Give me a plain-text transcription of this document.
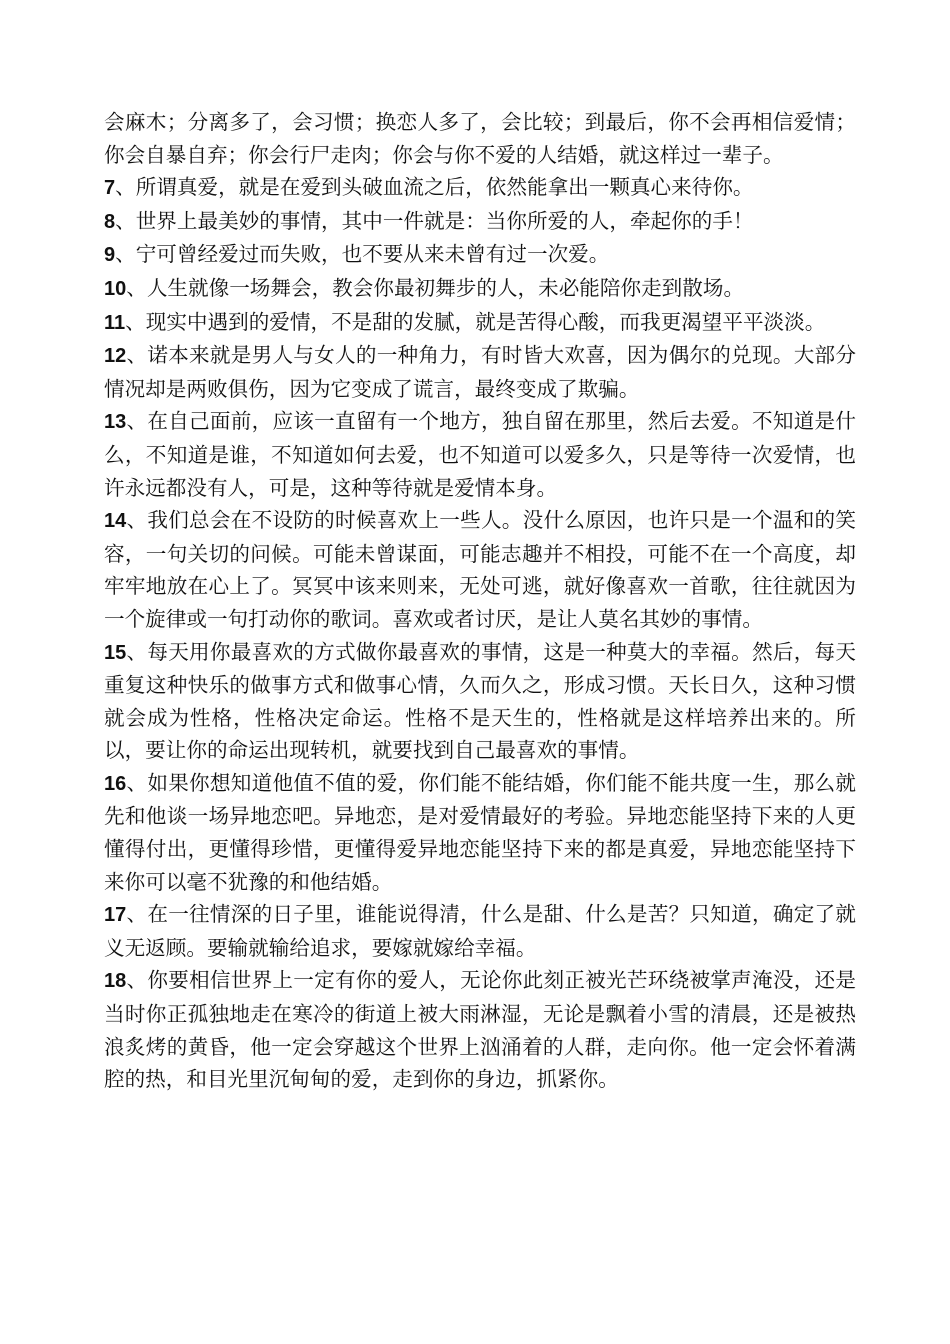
会麻木；分离多了，会习惯；换恋人多了，会比较；到最后，你不会再相信爱情；你会自暴自弃；你会行尸走肉；你会与你不爱的人结婚，就这样过一辈子。

7、所谓真爱，就是在爱到头破血流之后，依然能拿出一颗真心来待你。

8、世界上最美妙的事情，其中一件就是：当你所爱的人，牵起你的手！

9、宁可曾经爱过而失败，也不要从来未曾有过一次爱。

10、人生就像一场舞会，教会你最初舞步的人，未必能陪你走到散场。

11、现实中遇到的爱情，不是甜的发腻，就是苦得心酸，而我更渴望平平淡淡。

12、诺本来就是男人与女人的一种角力，有时皆大欢喜，因为偶尔的兑现。大部分情况却是两败俱伤，因为它变成了谎言，最终变成了欺骗。

13、在自己面前，应该一直留有一个地方，独自留在那里，然后去爱。不知道是什么，不知道是谁，不知道如何去爱，也不知道可以爱多久，只是等待一次爱情，也许永远都没有人，可是，这种等待就是爱情本身。

14、我们总会在不设防的时候喜欢上一些人。没什么原因，也许只是一个温和的笑容，一句关切的问候。可能未曾谋面，可能志趣并不相投，可能不在一个高度，却牢牢地放在心上了。冥冥中该来则来，无处可逃，就好像喜欢一首歌，往往就因为一个旋律或一句打动你的歌词。喜欢或者讨厌，是让人莫名其妙的事情。

15、每天用你最喜欢的方式做你最喜欢的事情，这是一种莫大的幸福。然后，每天重复这种快乐的做事方式和做事心情，久而久之，形成习惯。天长日久，这种习惯就会成为性格，性格决定命运。性格不是天生的，性格就是这样培养出来的。所以，要让你的命运出现转机，就要找到自己最喜欢的事情。

16、如果你想知道他值不值的爱，你们能不能结婚，你们能不能共度一生，那么就先和他谈一场异地恋吧。异地恋，是对爱情最好的考验。异地恋能坚持下来的人更懂得付出，更懂得珍惜，更懂得爱异地恋能坚持下来的都是真爱，异地恋能坚持下来你可以毫不犹豫的和他结婚。

17、在一往情深的日子里，谁能说得清，什么是甜、什么是苦？只知道，确定了就义无返顾。要输就输给追求，要嫁就嫁给幸福。

18、你要相信世界上一定有你的爱人，无论你此刻正被光芒环绕被掌声淹没，还是当时你正孤独地走在寒冷的街道上被大雨淋湿，无论是飘着小雪的清晨，还是被热浪炙烤的黄昏，他一定会穿越这个世界上汹涌着的人群，走向你。他一定会怀着满腔的热，和目光里沉甸甸的爱，走到你的身边，抓紧你。
